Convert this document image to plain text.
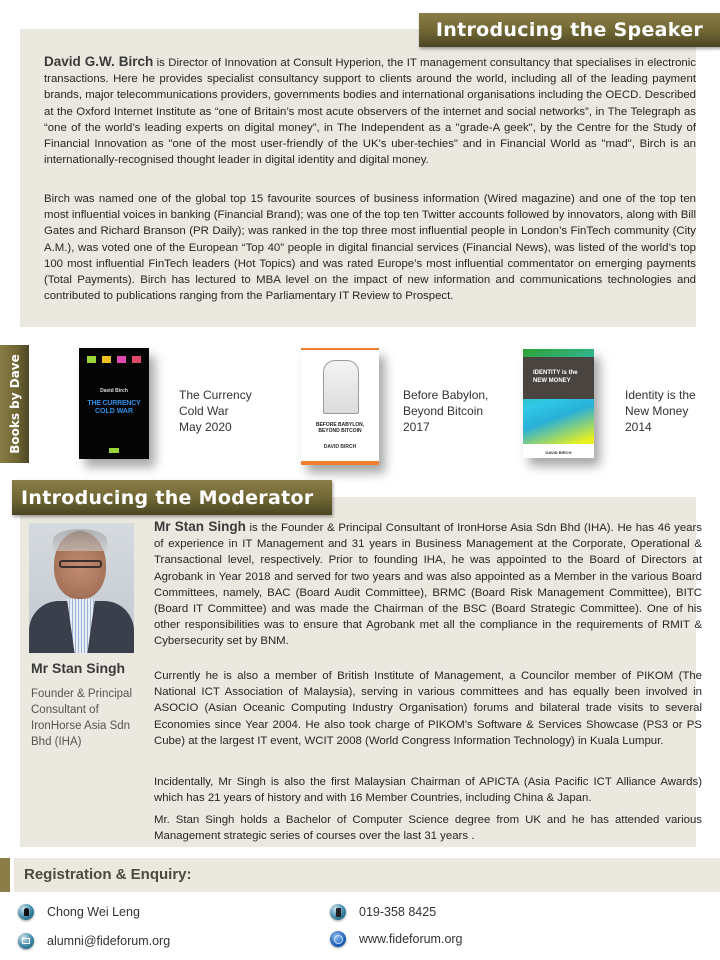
Introducing the Speaker

David G.W. Birch is Director of Innovation at Consult Hyperion, the IT management consultancy that specialises in electronic transactions. Here he provides specialist consultancy support to clients around the world, including all of the leading payment brands, major telecommunications providers, governments bodies and international organisations including the OECD. Described at the Oxford Internet Institute as “one of Britain’s most acute observers of the internet and social networks”, in The Telegraph as “one of the world’s leading experts on digital money”, in The Independent as a "grade-A geek", by the Centre for the Study of Financial Innovation as "one of the most user-friendly of the UK's uber-techies" and in Financial World as "mad", Birch is an internationally-recognised thought leader in digital identity and digital money.

Birch was named one of the global top 15 favourite sources of business information (Wired magazine) and one of the top ten most influential voices in banking (Financial Brand); was one of the top ten Twitter accounts followed by innovators, along with Bill Gates and Richard Branson (PR Daily); was ranked in the top three most influential people in London’s FinTech community (City A.M.), was voted one of the European “Top 40” people in digital financial services (Financial News), was listed of the world’s top 100 most influential FinTech leaders (Hot Topics) and was rated Europe’s most influential commentator on emerging payments (Total Payments). Birch has lectured to MBA level on the impact of new information and communications technologies and contributed to publications ranging from the Parliamentary IT Review to Prospect.

Books by Dave	David Birch
THE CURRENCY
COLD WAR
The Currency
Cold War
May 2020	BEFORE BABYLON,
BEYOND BITCOIN
DAVID BIRCH
Before Babylon,
Beyond Bitcoin
2017
IDENTITY is the
NEW MONEY
DAVID BIRCH
Identity is the
New Money
2014
Introducing the Moderator
Mr Stan Singh
Founder & Principal
Consultant of
IronHorse Asia Sdn
Bhd (IHA)

Mr Stan Singh is the Founder & Principal Consultant of IronHorse Asia Sdn Bhd (IHA). He has 46 years of experience in IT Management and 31 years in Business Management at the Corporate, Operational & Transactional level, respectively. Prior to founding IHA, he was appointed to the Board of Directors at Agrobank in Year 2018 and served for two years and was also appointed as a Member in the various Board Committees, namely, BAC (Board Audit Committee), BRMC (Board Risk Management Committee), BITC (Board IT Committee) and was made the Chairman of the BSC (Board Strategic Committee). One of his other responsibilities was to ensure that Agrobank met all the compliance in the requirements of RMIT & Cybersecurity set by BNM.

Currently he is also a member of British Institute of Management, a Councilor member of PIKOM (The National ICT Association of Malaysia), serving in various committees and has equally been involved in ASOCIO (Asian Oceanic Computing Industry Organisation) forums and bilateral trade visits to several Economies since Year 2004. He also took charge of PIKOM’s Software & Services Showcase (PS3 or PS Cube) at the largest IT event, WCIT 2008 (World Congress Information Technology) in Kuala Lumpur.

Incidentally, Mr Singh is also the first Malaysian Chairman of APICTA (Asia Pacific ICT Alliance Awards) which has 21 years of history and with 16 Member Countries, including China & Japan.

Mr. Stan Singh holds a Bachelor of Computer Science degree from UK and he has attended various Management strategic series of courses over the last 31 years .

Registration & Enquiry:
Chong Wei Leng
alumni@fideforum.org
019-358 8425
www.fideforum.org
